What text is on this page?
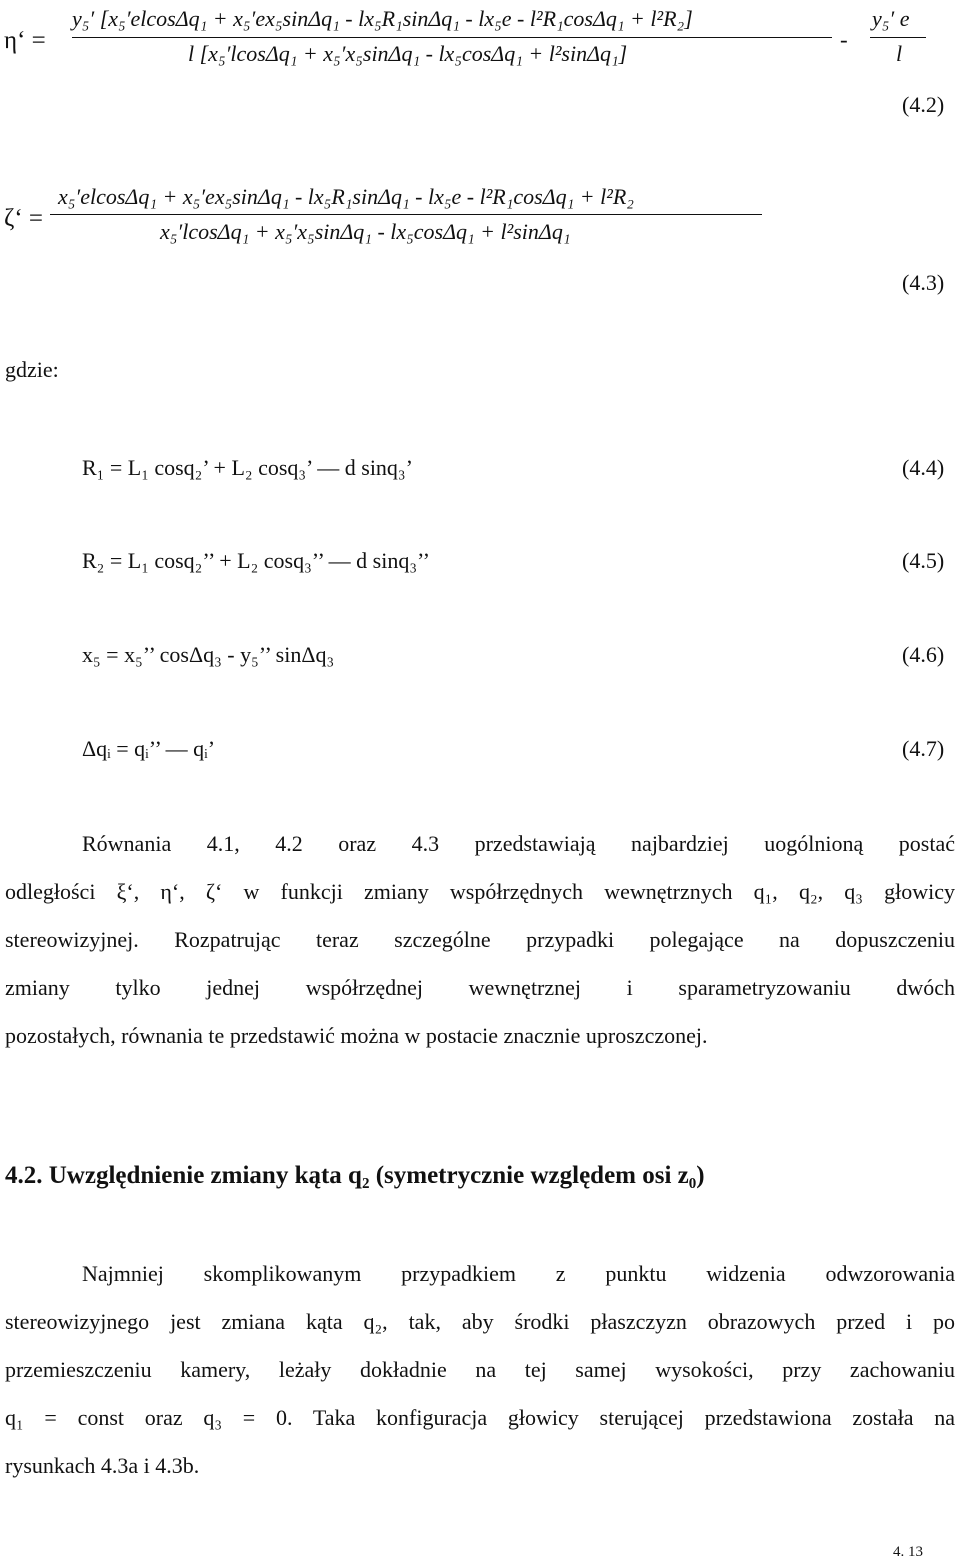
η‘ =
y₅′ [x₅′elcosΔq₁ + x₅′ex₅sinΔq₁ - lx₅R₁sinΔq₁ - lx₅e - l²R₁cosΔq₁ + l²R₂]
l [x₅′lcosΔq₁ + x₅′x₅sinΔq₁ - lx₅cosΔq₁ + l²sinΔq₁]
-
y₅′ e
l
(4.2)
ζ‘ =
x₅′elcosΔq₁ + x₅′ex₅sinΔq₁ - lx₅R₁sinΔq₁ - lx₅e - l²R₁cosΔq₁ + l²R₂
x₅′lcosΔq₁ + x₅′x₅sinΔq₁ - lx₅cosΔq₁ + l²sinΔq₁
(4.3)
gdzie:
R₁ = L₁ cosq₂’ + L₂ cosq₃’ — d sinq₃’	(4.4)
R₂ = L₁ cosq₂’’ + L₂ cosq₃’’ — d sinq₃’’	(4.5)
x₅ = x₅’’ cosΔq₃ - y₅’’ sinΔq₃	(4.6)
Δqᵢ = qᵢ’’ — qᵢ’	(4.7)
Równania 4.1, 4.2 oraz 4.3 przedstawiają najbardziej uogólnioną postać
odległości ξ‘, η‘, ζ‘ w funkcji zmiany współrzędnych wewnętrznych q₁, q₂, q₃ głowicy
stereowizyjnej. Rozpatrując teraz szczególne przypadki polegające na dopuszczeniu
zmiany tylko jednej współrzędnej wewnętrznej i sparametryzowaniu dwóch
pozostałych, równania te przedstawić można w postacie znacznie uproszczonej.
4.2. Uwzględnienie zmiany kąta q₂ (symetrycznie względem osi z₀)
Najmniej skomplikowanym przypadkiem z punktu widzenia odwzorowania
stereowizyjnego jest zmiana kąta q₂, tak, aby środki płaszczyzn obrazowych przed i po
przemieszczeniu kamery, leżały dokładnie na tej samej wysokości, przy zachowaniu
q₁ = const oraz q₃ = 0. Taka konfiguracja głowicy sterującej przedstawiona została na
rysunkach 4.3a i 4.3b.
4. 13
